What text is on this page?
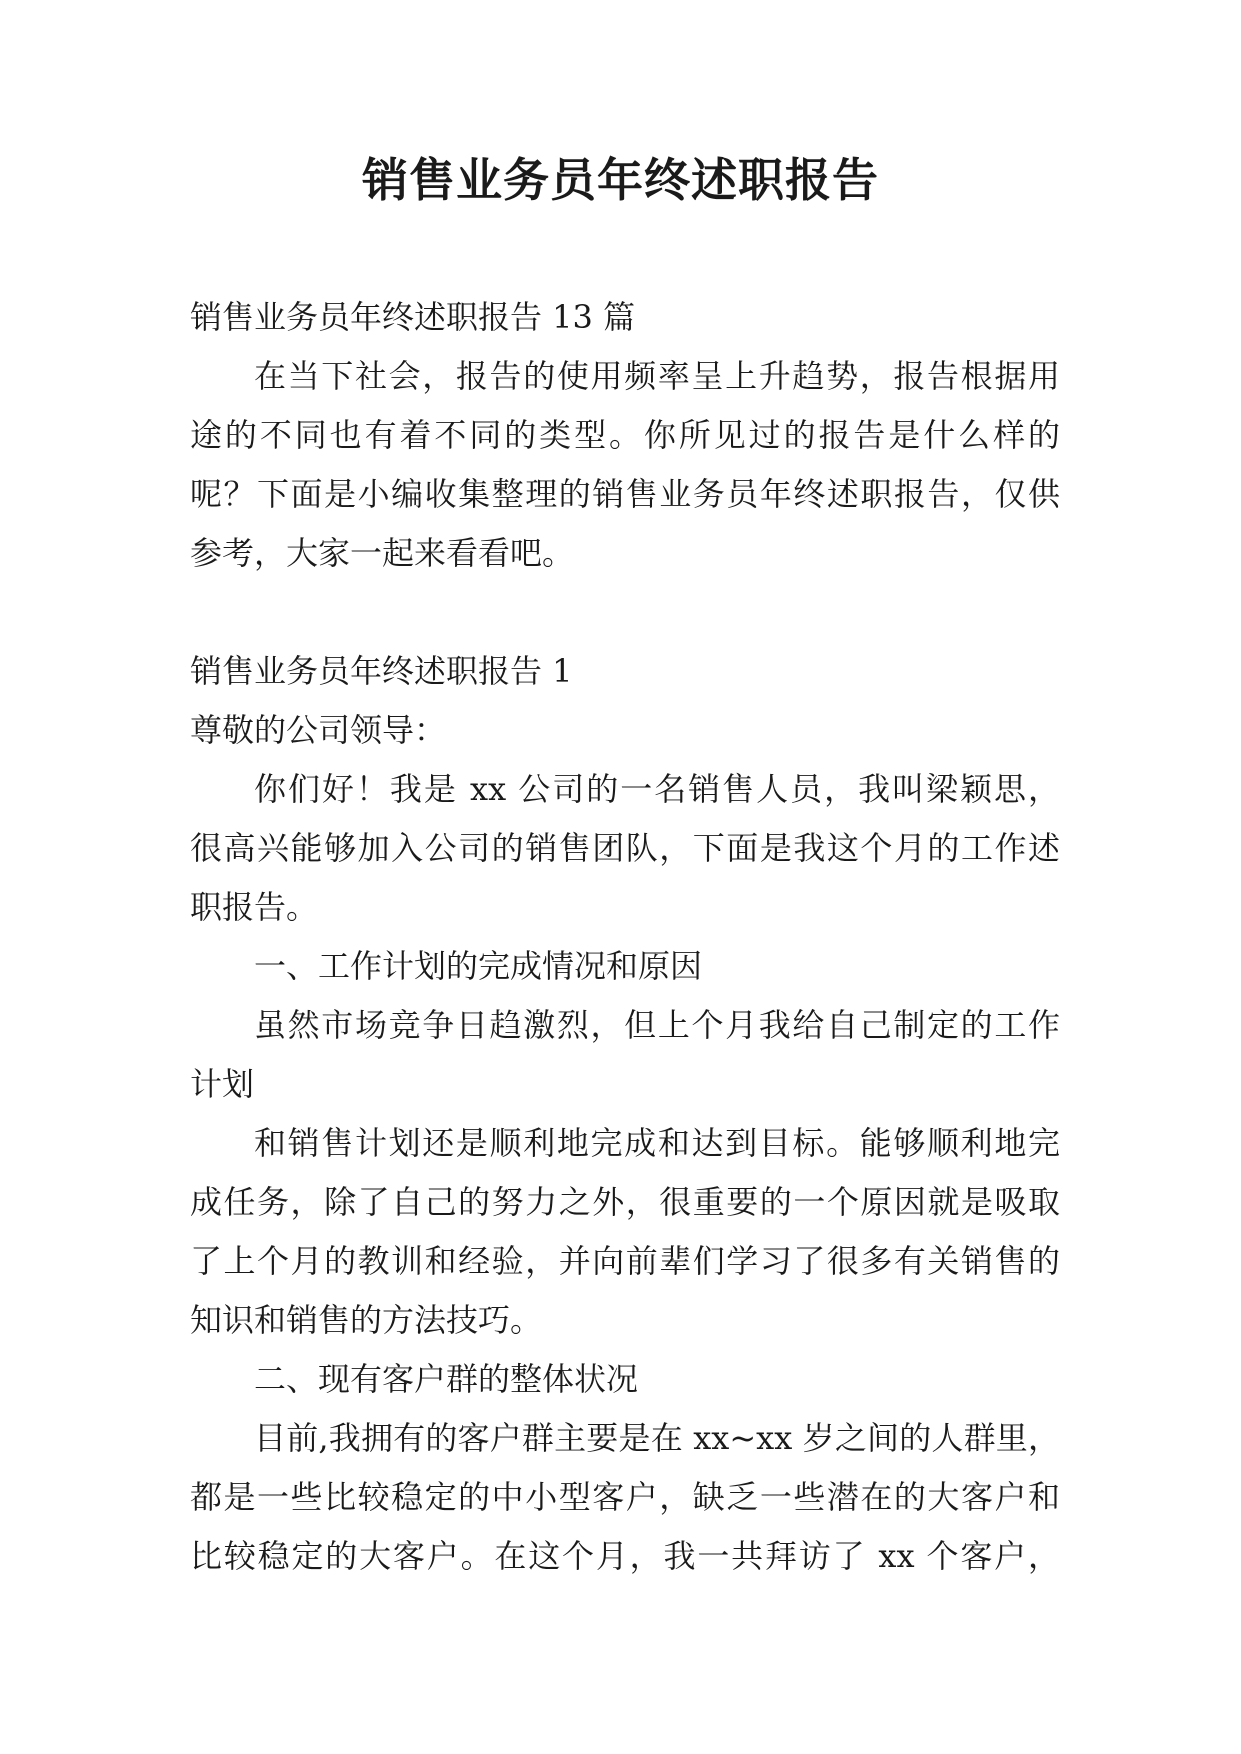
销售业务员年终述职报告
销售业务员年终述职报告 13 篇
在当下社会，报告的使用频率呈上升趋势，报告根据用
途的不同也有着不同的类型。你所见过的报告是什么样的
呢？下面是小编收集整理的销售业务员年终述职报告，仅供
参考，大家一起来看看吧。
销售业务员年终述职报告 1
尊敬的公司领导：
你们好！我是 xx 公司的一名销售人员，我叫梁颖思，
很高兴能够加入公司的销售团队，下面是我这个月的工作述
职报告。
一、工作计划的完成情况和原因
虽然市场竞争日趋激烈，但上个月我给自己制定的工作
计划
和销售计划还是顺利地完成和达到目标。能够顺利地完
成任务，除了自己的努力之外，很重要的一个原因就是吸取
了上个月的教训和经验，并向前辈们学习了很多有关销售的
知识和销售的方法技巧。
二、现有客户群的整体状况
目前,我拥有的客户群主要是在 xx~xx 岁之间的人群里，
都是一些比较稳定的中小型客户，缺乏一些潜在的大客户和
比较稳定的大客户。在这个月，我一共拜访了 xx 个客户，
